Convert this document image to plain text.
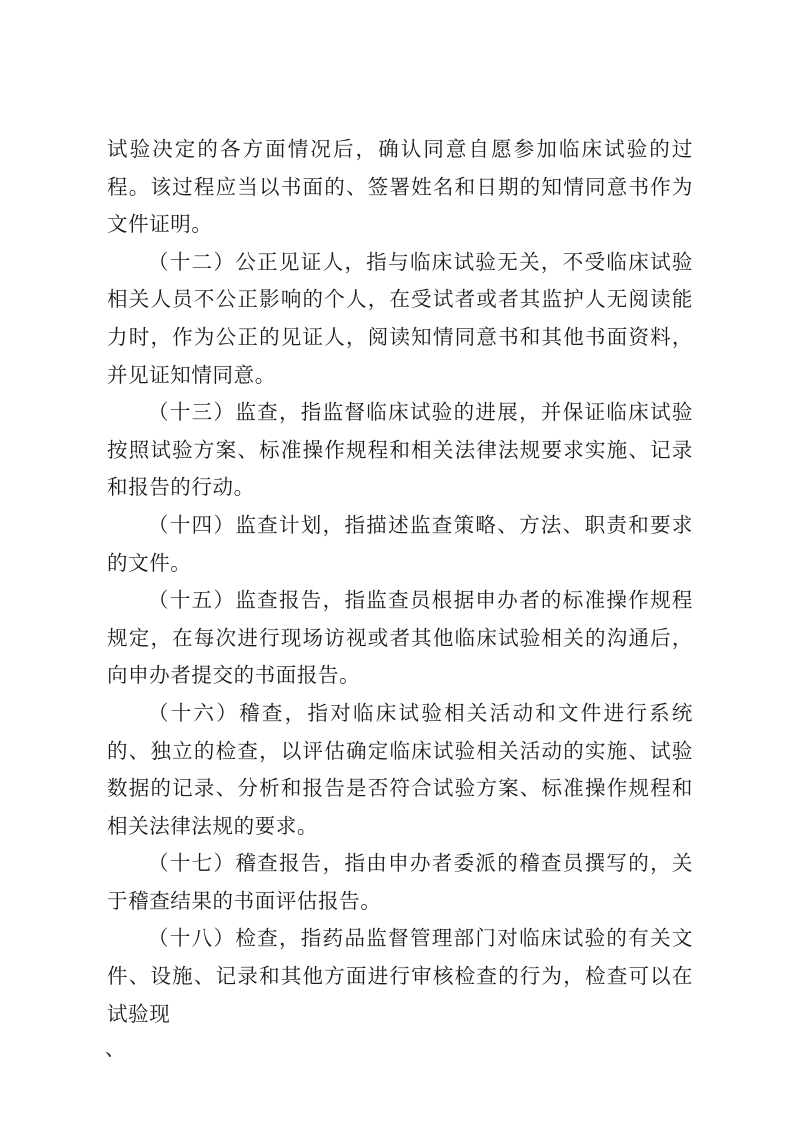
试验决定的各方面情况后，确认同意自愿参加临床试验的过程。该过程应当以书面的、签署姓名和日期的知情同意书作为文件证明。

（十二）公正见证人，指与临床试验无关，不受临床试验相关人员不公正影响的个人，在受试者或者其监护人无阅读能力时，作为公正的见证人，阅读知情同意书和其他书面资料，并见证知情同意。

（十三）监查，指监督临床试验的进展，并保证临床试验按照试验方案、标准操作规程和相关法律法规要求实施、记录和报告的行动。

（十四）监查计划，指描述监查策略、方法、职责和要求的文件。

（十五）监查报告，指监查员根据申办者的标准操作规程规定，在每次进行现场访视或者其他临床试验相关的沟通后，向申办者提交的书面报告。

（十六）稽查，指对临床试验相关活动和文件进行系统的、独立的检查，以评估确定临床试验相关活动的实施、试验数据的记录、分析和报告是否符合试验方案、标准操作规程和相关法律法规的要求。

（十七）稽查报告，指由申办者委派的稽查员撰写的，关于稽查结果的书面评估报告。

（十八）检查，指药品监督管理部门对临床试验的有关文件、设施、记录和其他方面进行审核检查的行为，检查可以在试验现

、
